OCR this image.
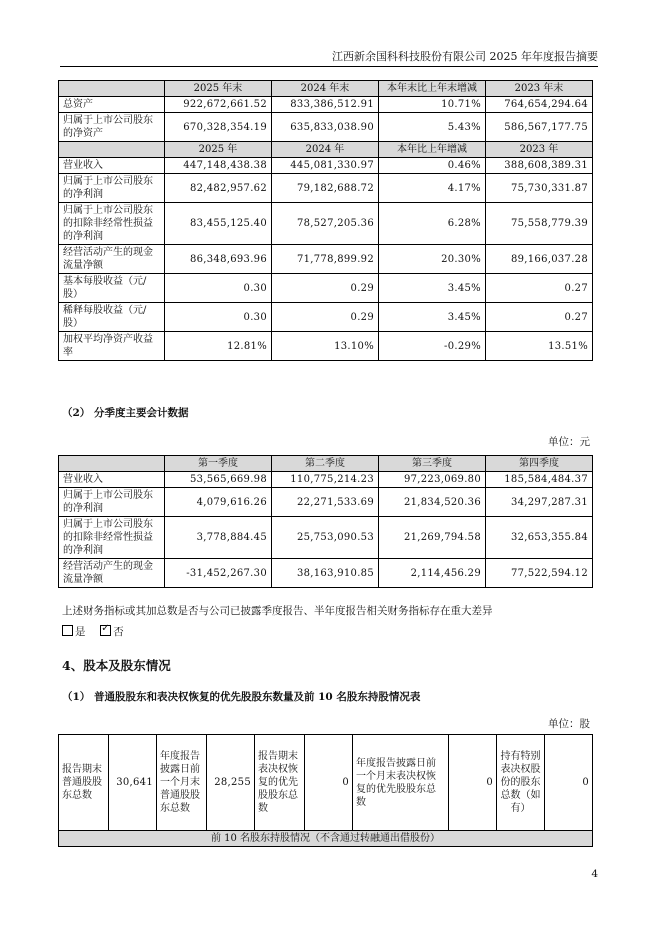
江西新余国科科技股份有限公司 2025 年年度报告摘要
	2025 年末	2024 年末	本年末比上年末增减	2023 年末
总资产	922,672,661.52	833,386,512.91	10.71%	764,654,294.64
归属于上市公司股东的净资产	670,328,354.19	635,833,038.90	5.43%	586,567,177.75
	2025 年	2024 年	本年比上年增减	2023 年
营业收入	447,148,438.38	445,081,330.97	0.46%	388,608,389.31
归属于上市公司股东的净利润	82,482,957.62	79,182,688.72	4.17%	75,730,331.87
归属于上市公司股东的扣除非经常性损益的净利润	83,455,125.40	78,527,205.36	6.28%	75,558,779.39
经营活动产生的现金流量净额	86,348,693.96	71,778,899.92	20.30%	89,166,037.28
基本每股收益（元/股）	0.30	0.29	3.45%	0.27
稀释每股收益（元/股）	0.30	0.29	3.45%	0.27
加权平均净资产收益率	12.81%	13.10%	-0.29%	13.51%
（2） 分季度主要会计数据
单位：元
	第一季度	第二季度	第三季度	第四季度
营业收入	53,565,669.98	110,775,214.23	97,223,069.80	185,584,484.37
归属于上市公司股东的净利润	4,079,616.26	22,271,533.69	21,834,520.36	34,297,287.31
归属于上市公司股东的扣除非经常性损益的净利润	3,778,884.45	25,753,090.53	21,269,794.58	32,653,355.84
经营活动产生的现金流量净额	-31,452,267.30	38,163,910.85	2,114,456.29	77,522,594.12
上述财务指标或其加总数是否与公司已披露季度报告、半年度报告相关财务指标存在重大差异
是 ✓	否
4、股本及股东情况
（1） 普通股股东和表决权恢复的优先股股东数量及前 10 名股东持股情况表
单位：股
报告期末普通股股东总数	30,641	年度报告披露日前一个月末普通股股东总数	28,255	报告期末表决权恢复的优先股股东总数	0	年度报告披露日前一个月末表决权恢复的优先股股东总数	0	持有特别表决权股份的股东总数（如有）	0
前 10 名股东持股情况（不含通过转融通出借股份）
4
